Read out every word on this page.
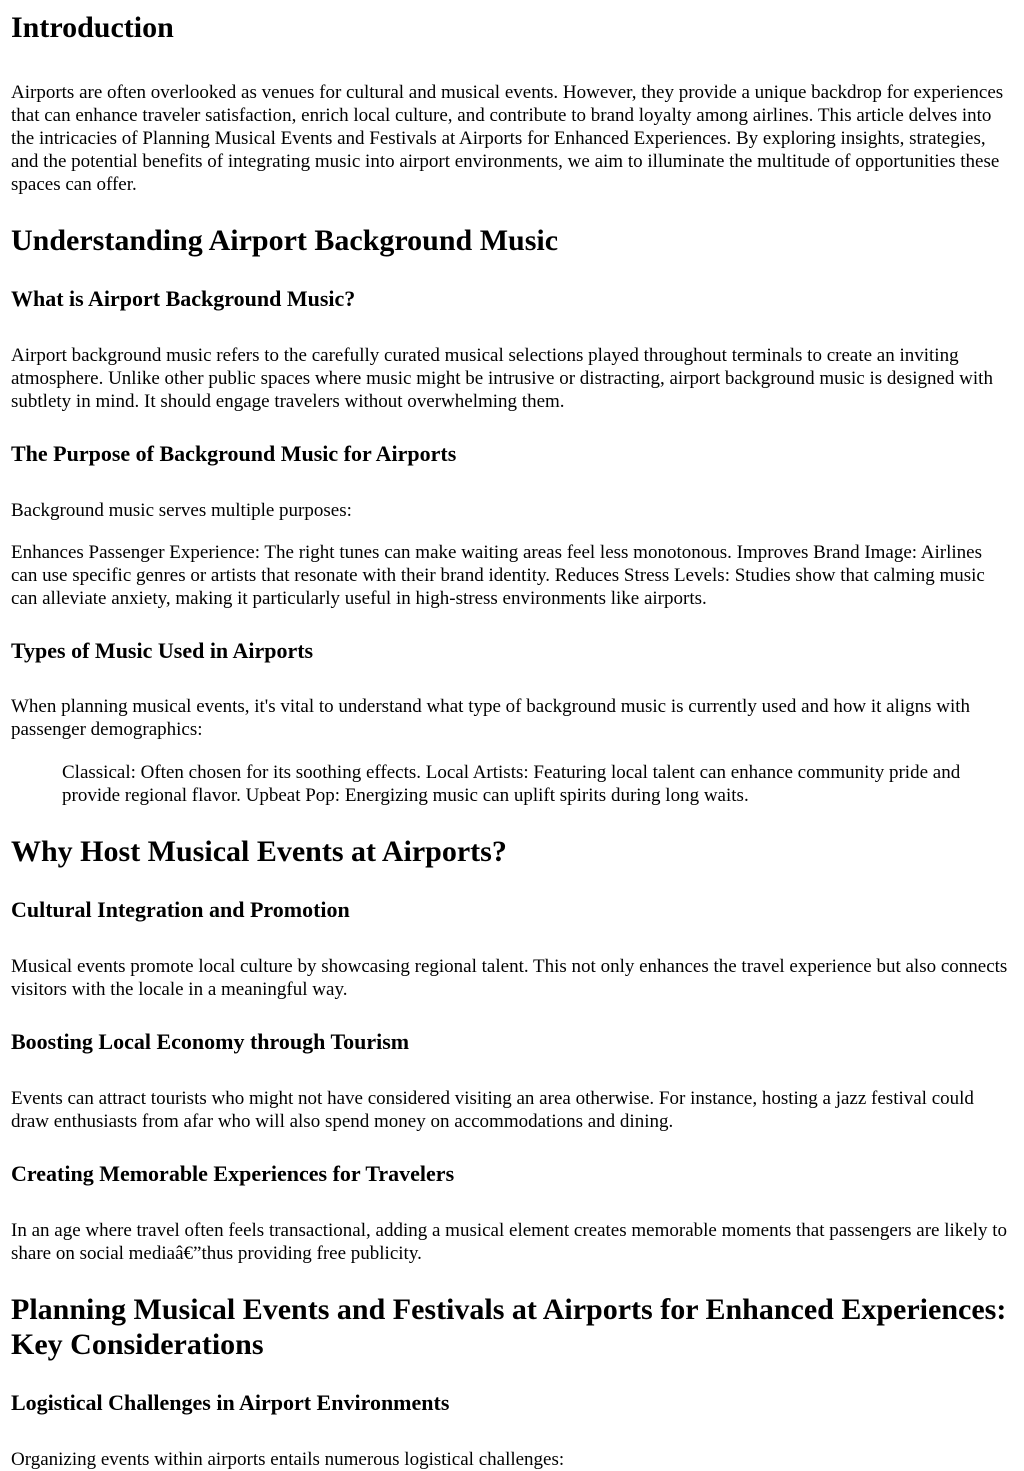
Introduction

Airports are often overlooked as venues for cultural and musical events. However, they provide a unique backdrop for experiences that can enhance traveler satisfaction, enrich local culture, and contribute to brand loyalty among airlines. This article delves into the intricacies of Planning Musical Events and Festivals at Airports for Enhanced Experiences. By exploring insights, strategies, and the potential benefits of integrating music into airport environments, we aim to illuminate the multitude of opportunities these spaces can offer.

Understanding Airport Background Music
What is Airport Background Music?

Airport background music refers to the carefully curated musical selections played throughout terminals to create an inviting atmosphere. Unlike other public spaces where music might be intrusive or distracting, airport background music is designed with subtlety in mind. It should engage travelers without overwhelming them.

The Purpose of Background Music for Airports

Background music serves multiple purposes:

Enhances Passenger Experience: The right tunes can make waiting areas feel less monotonous. Improves Brand Image: Airlines can use specific genres or artists that resonate with their brand identity. Reduces Stress Levels: Studies show that calming music can alleviate anxiety, making it particularly useful in high-stress environments like airports.

Types of Music Used in Airports

When planning musical events, it's vital to understand what type of background music is currently used and how it aligns with passenger demographics:

Classical: Often chosen for its soothing effects. Local Artists: Featuring local talent can enhance community pride and provide regional flavor. Upbeat Pop: Energizing music can uplift spirits during long waits.
Why Host Musical Events at Airports?
Cultural Integration and Promotion

Musical events promote local culture by showcasing regional talent. This not only enhances the travel experience but also connects visitors with the locale in a meaningful way.

Boosting Local Economy through Tourism

Events can attract tourists who might not have considered visiting an area otherwise. For instance, hosting a jazz festival could draw enthusiasts from afar who will also spend money on accommodations and dining.

Creating Memorable Experiences for Travelers

In an age where travel often feels transactional, adding a musical element creates memorable moments that passengers are likely to share on social mediaâ€”thus providing free publicity.

Planning Musical Events and Festivals at Airports for Enhanced Experiences: Key Considerations
Logistical Challenges in Airport Environments

Organizing events within airports entails numerous logistical challenges:
